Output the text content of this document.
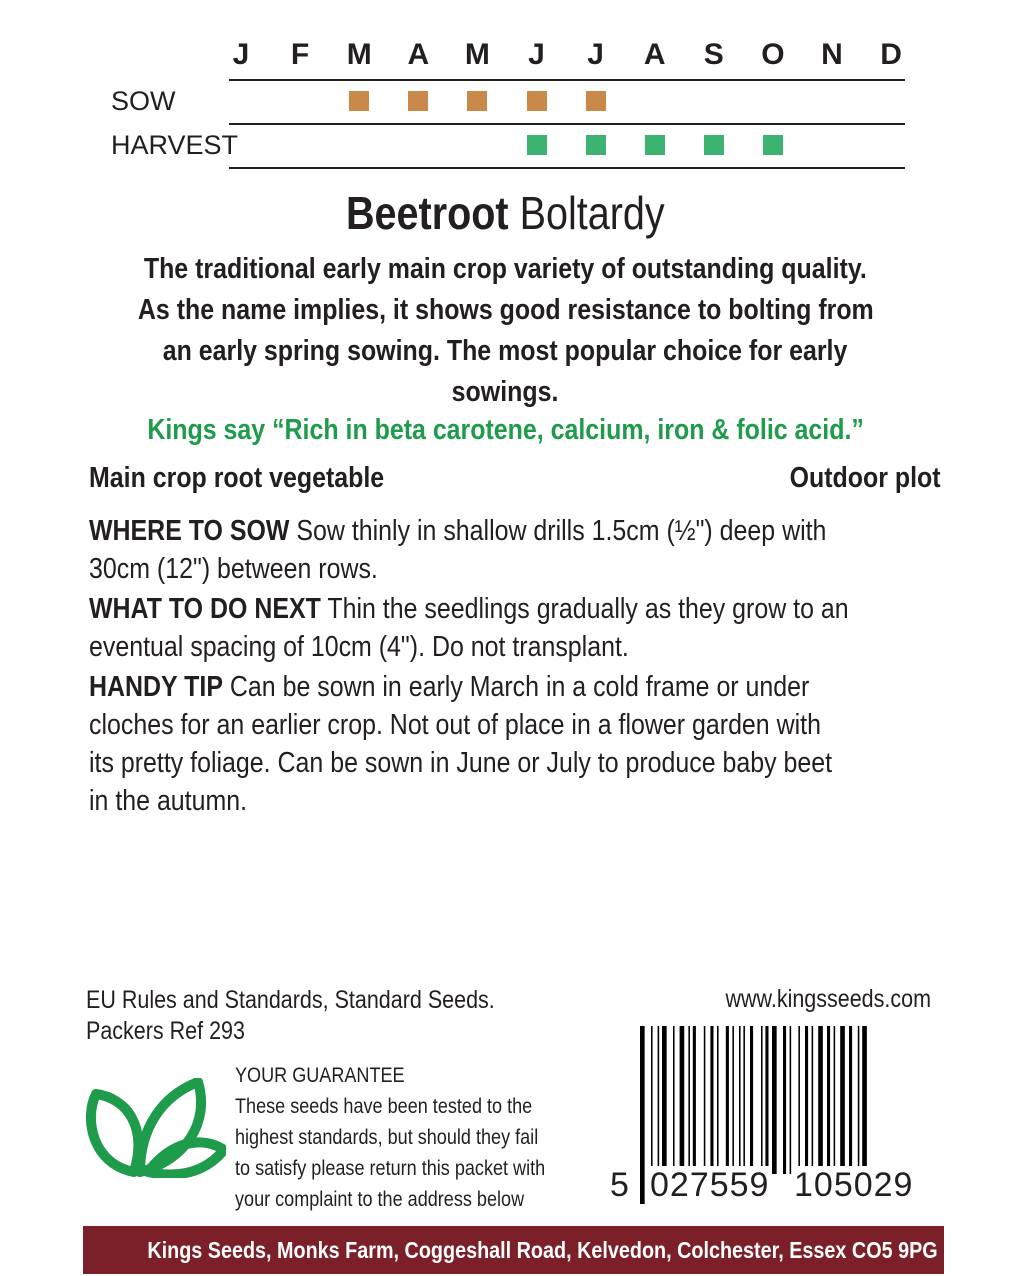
J F M A M J J A S O N D
SOW
HARVEST
Beetroot Boltardy
The traditional early main crop variety of outstanding quality.
As the name implies, it shows good resistance to bolting from
an early spring sowing. The most popular choice for early
sowings.
Kings say “Rich in beta carotene, calcium, iron & folic acid.”
Main crop root vegetable	Outdoor plot
WHERE TO SOW Sow thinly in shallow drills 1.5cm (½") deep with
30cm (12") between rows.
WHAT TO DO NEXT Thin the seedlings gradually as they grow to an
eventual spacing of 10cm (4"). Do not transplant.
HANDY TIP Can be sown in early March in a cold frame or under
cloches for an earlier crop. Not out of place in a flower garden with
its pretty foliage. Can be sown in June or July to produce baby beet
in the autumn.
EU Rules and Standards, Standard Seeds.
Packers Ref 293
www.kingsseeds.com
YOUR GUARANTEE
These seeds have been tested to the
highest standards, but should they fail
to satisfy please return this packet with
your complaint to the address below	5 027559 105029
Kings Seeds, Monks Farm, Coggeshall Road, Kelvedon, Colchester, Essex CO5 9PG
